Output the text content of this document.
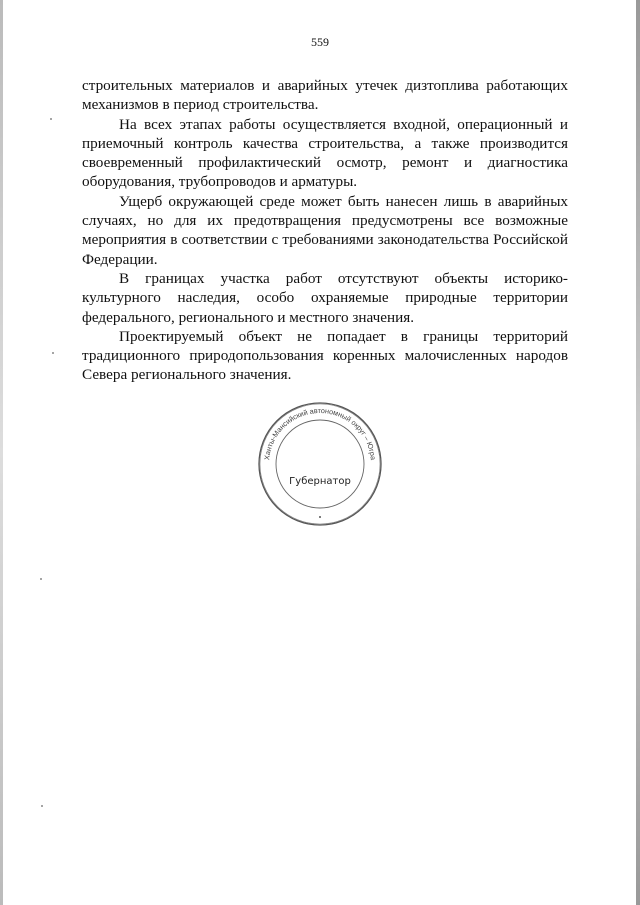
559
строительных материалов и аварийных утечек дизтоплива работающих
механизмов в период строительства.
На всех этапах работы осуществляется входной, операционный и
приемочный контроль качества строительства, а также производится
своевременный профилактический осмотр, ремонт и диагностика
оборудования, трубопроводов и арматуры.
Ущерб окружающей среде может быть нанесен лишь в аварийных
случаях, но для их предотвращения предусмотрены все возможные
мероприятия в соответствии с требованиями законодательства Российской
Федерации.
В границах участка работ отсутствуют объекты историко-
культурного наследия, особо охраняемые природные территории
федерального, регионального и местного значения.
Проектируемый объект не попадает в границы территорий
традиционного природопользования коренных малочисленных народов
Севера регионального значения.
Ханты-Мансийский автономный округ – Югра
Губернатор
